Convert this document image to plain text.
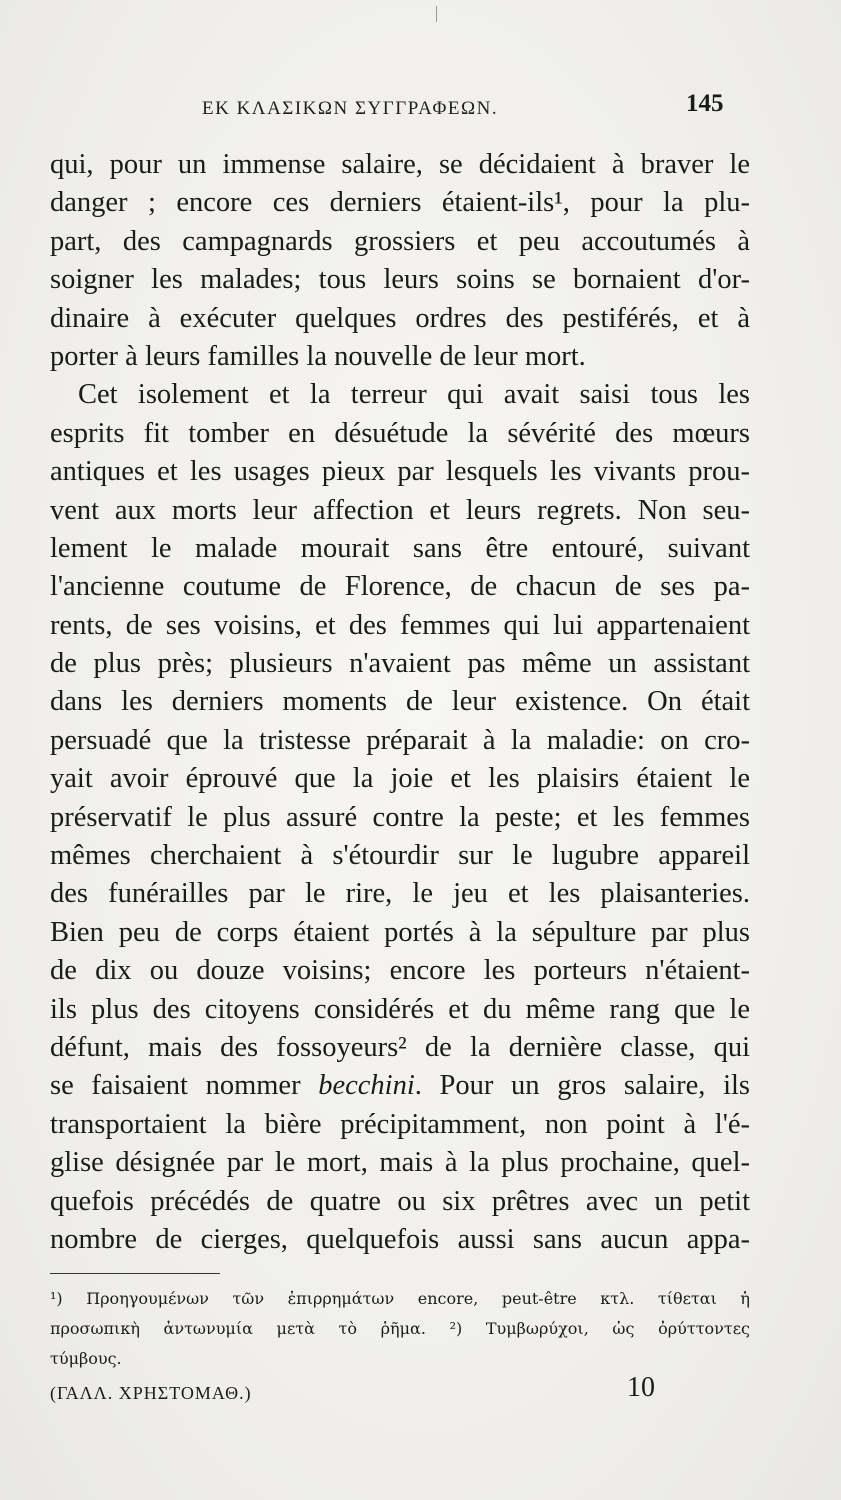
ΕΚ ΚΛΑΣΙΚΩΝ ΣΥΓΓΡΑΦΕΩΝ.	145
qui, pour un immense salaire, se décidaient à braver le
danger ; encore ces derniers étaient-ils¹, pour la plu-
part, des campagnards grossiers et peu accoutumés à
soigner les malades; tous leurs soins se bornaient d'or-
dinaire à exécuter quelques ordres des pestiférés, et à
porter à leurs familles la nouvelle de leur mort.
Cet isolement et la terreur qui avait saisi tous les
esprits fit tomber en désuétude la sévérité des mœurs
antiques et les usages pieux par lesquels les vivants prou-
vent aux morts leur affection et leurs regrets. Non seu-
lement le malade mourait sans être entouré, suivant
l'ancienne coutume de Florence, de chacun de ses pa-
rents, de ses voisins, et des femmes qui lui appartenaient
de plus près; plusieurs n'avaient pas même un assistant
dans les derniers moments de leur existence. On était
persuadé que la tristesse préparait à la maladie: on cro-
yait avoir éprouvé que la joie et les plaisirs étaient le
préservatif le plus assuré contre la peste; et les femmes
mêmes cherchaient à s'étourdir sur le lugubre appareil
des funérailles par le rire, le jeu et les plaisanteries.
Bien peu de corps étaient portés à la sépulture par plus
de dix ou douze voisins; encore les porteurs n'étaient-
ils plus des citoyens considérés et du même rang que le
défunt, mais des fossoyeurs² de la dernière classe, qui
se faisaient nommer becchini. Pour un gros salaire, ils
transportaient la bière précipitamment, non point à l'é-
glise désignée par le mort, mais à la plus prochaine, quel-
quefois précédés de quatre ou six prêtres avec un petit
nombre de cierges, quelquefois aussi sans aucun appa-
¹) Προηγουμένων τῶν ἐπιρρημάτων encore, peut-être κτλ. τίθεται ἡ
προσωπικὴ ἀντωνυμία μετὰ τὸ ῥῆμα. ²) Τυμβωρύχοι, ὡς ὀρύττοντες
τύμβους.
(ΓΑΛΛ. ΧΡΗΣΤΟΜΑΘ.)	10
